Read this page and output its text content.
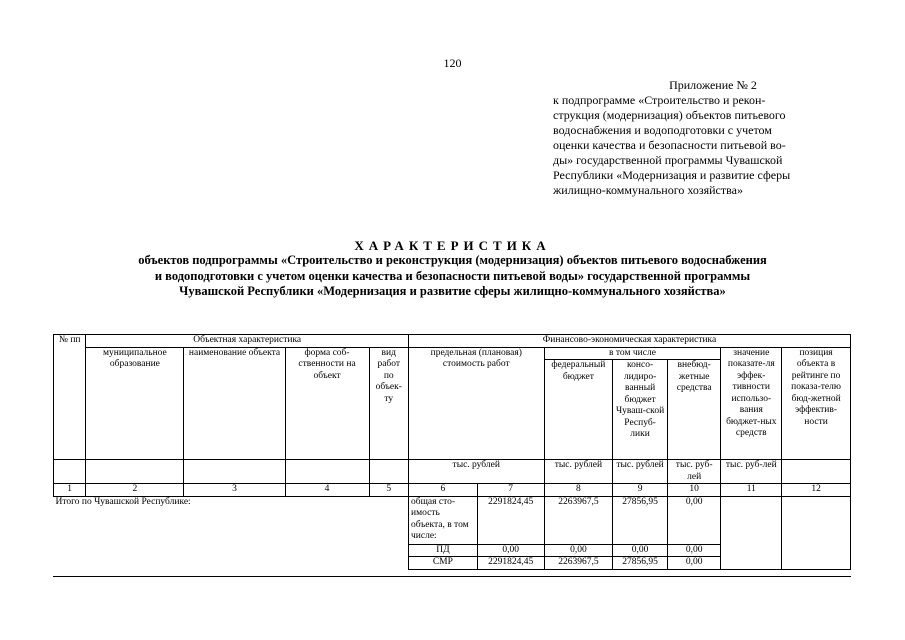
120
Приложение № 2
к подпрограмме «Строительство и рекон-
струкция (модернизация) объектов питьевого
водоснабжения и водоподготовки с учетом
оценки качества и безопасности питьевой во-
ды» государственной программы Чувашской
Республики «Модернизация и развитие сферы
жилищно-коммунального хозяйства»
ХАРАКТЕРИСТИКА
объектов подпрограммы «Строительство и реконструкция (модернизация) объектов питьевого водоснабжения
и водоподготовки с учетом оценки качества и безопасности питьевой воды» государственной программы
Чувашской Республики «Модернизация и развитие сферы жилищно-коммунального хозяйства»
№ пп	Объектная характеристика				Финансово-экономическая характеристика						
	муниципальное образование	наименование объекта	форма соб-ственности на объект	вид работ по объек-ту	предельная (плановая) стоимость работ		в том числе			значение показате-ля эффек-тивности использо-вания бюджет-ных средств	позиция объекта в рейтинге по показа-телю бюд-жетной эффектив-ности
							федеральный бюджет	консо-лидиро-ванный бюджет Чуваш-ской Респуб-лики	внебюд-жетные средства		
					тыс. рублей		тыс. рублей	тыс. рублей	тыс. руб-лей	тыс. руб-лей	
1	2	3	4	5	6	7	8	9	10	11	12
Итого по Чувашской Республике:					общая сто-имость объекта, в том числе:	2291824,45	2263967,5	27856,95	0,00		
					ПД	0,00	0,00	0,00	0,00		
					СМР	2291824,45	2263967,5	27856,95	0,00		
